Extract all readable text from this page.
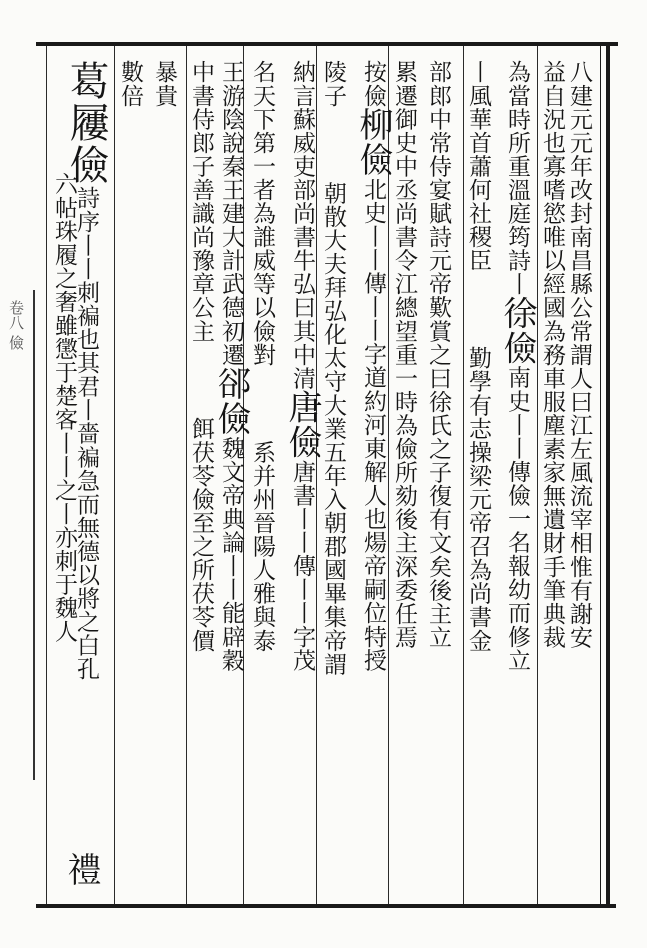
卷八 儉	八建元元年改封南昌縣公常謂人曰江左風流宰相惟有謝安
益自況也寡嗜慾唯以經國為務車服塵素家無遺財手筆典裁
為當時所重溫庭筠詩丨徐儉南史丨丨傳儉一名報幼而修立
丨風華首蕭何社稷臣勤學有志操梁元帝召為尚書金
部郎中常侍宴賦詩元帝歎賞之曰徐氏之子復有文矣後主立
累遷御史中丞尚書令江總望重一時為儉所劾後主深委任焉
按儉柳儉北史丨丨傳丨丨字道約河東解人也煬帝嗣位特授
陵子朝散大夫拜弘化太守大業五年入朝郡國畢集帝謂
納言蘇威吏部尚書牛弘曰其中清唐儉唐書丨丨傳丨丨字茂
名天下第一者為誰威等以儉對系并州晉陽人雅與泰
王游陰說秦王建大計武德初遷郤儉魏文帝典論丨丨能辟穀
中書侍郎子善識尚豫章公主餌茯苓儉至之所茯苓價
暴貴
數倍
葛屨儉詩序丨丨刺褊也其君丨嗇褊急而無德以將之白孔
六帖珠履之奢雖懲于楚客丨丨之丨亦刺于魏人
禮
